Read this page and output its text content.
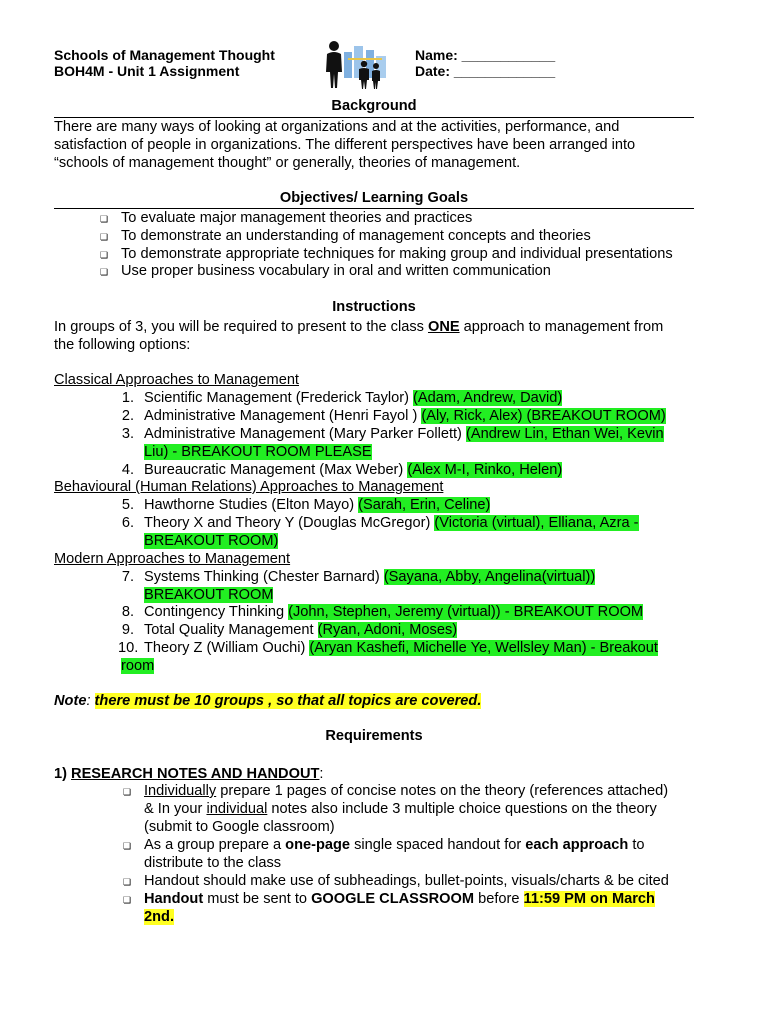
Schools of Management Thought
BOH4M - Unit 1 Assignment
Name: ____________
Date: _____________
Background
There are many ways of looking at organizations and at the activities, performance, and
satisfaction of people in organizations. The different perspectives have been arranged into
“schools of management thought” or generally, theories of management.
Objectives/ Learning Goals
❏ To evaluate major management theories and practices
❏ To demonstrate an understanding of management concepts and theories
❏ To demonstrate appropriate techniques for making group and individual presentations
❏ Use proper business vocabulary in oral and written communication
Instructions
In groups of 3, you will be required to present to the class ONE approach to management from
the following options:
Classical Approaches to Management
1. Scientific Management (Frederick Taylor) (Adam, Andrew, David)
2. Administrative Management (Henri Fayol ) (Aly, Rick, Alex) (BREAKOUT ROOM)
3. Administrative Management (Mary Parker Follett) (Andrew Lin, Ethan Wei, Kevin
Liu) - BREAKOUT ROOM PLEASE
4. Bureaucratic Management (Max Weber) (Alex M-I, Rinko, Helen)
Behavioural (Human Relations) Approaches to Management
5. Hawthorne Studies (Elton Mayo) (Sarah, Erin, Celine)
6. Theory X and Theory Y (Douglas McGregor) (Victoria (virtual), Elliana, Azra -
BREAKOUT ROOM)
Modern Approaches to Management
7. Systems Thinking (Chester Barnard) (Sayana, Abby, Angelina(virtual))
BREAKOUT ROOM
8. Contingency Thinking (John, Stephen, Jeremy (virtual)) - BREAKOUT ROOM
9. Total Quality Management (Ryan, Adoni, Moses)
10. Theory Z (William Ouchi) (Aryan Kashefi, Michelle Ye, Wellsley Man) - Breakout
room
Note: there must be 10 groups , so that all topics are covered.
Requirements
1) RESEARCH NOTES AND HANDOUT:
❏ Individually prepare 1 pages of concise notes on the theory (references attached)
& In your individual notes also include 3 multiple choice questions on the theory
(submit to Google classroom)
❏ As a group prepare a one-page single spaced handout for each approach to
distribute to the class
❏ Handout should make use of subheadings, bullet-points, visuals/charts & be cited
❏ Handout must be sent to GOOGLE CLASSROOM before 11:59 PM on March
2nd.
